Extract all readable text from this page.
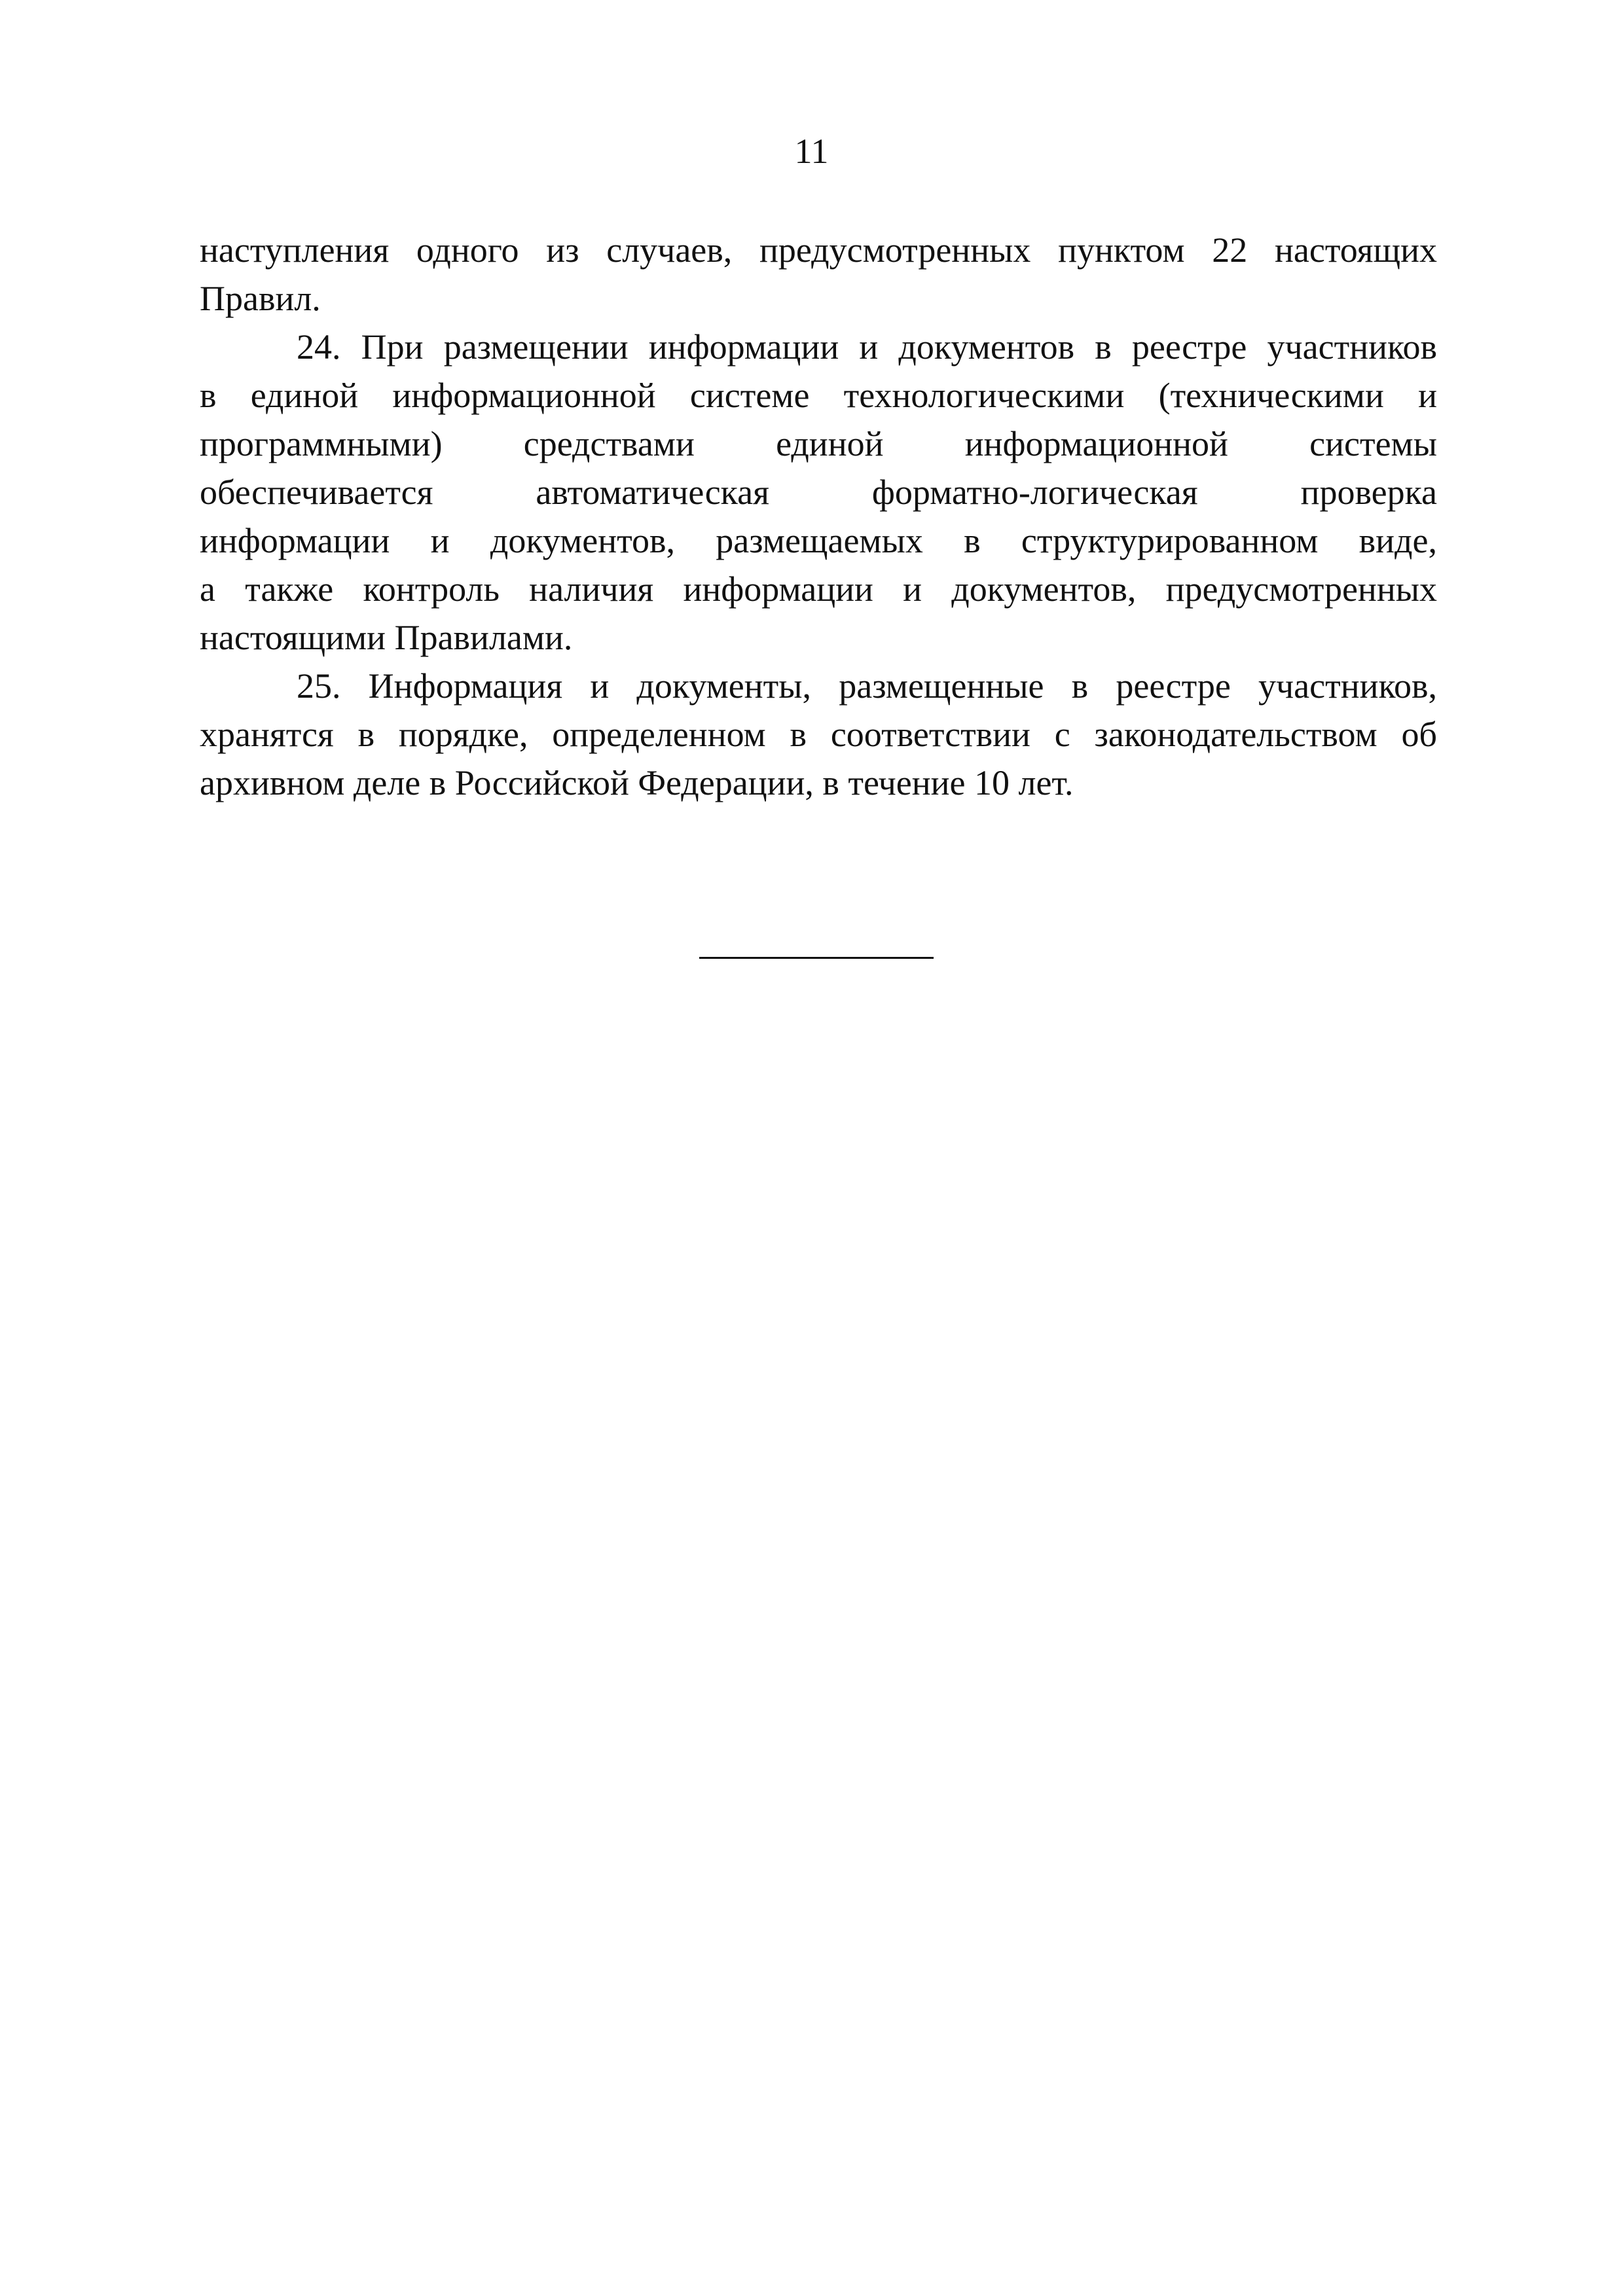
11
наступления одного из случаев, предусмотренных пунктом 22 настоящих
Правил.
24. При размещении информации и документов в реестре участников
в единой информационной системе технологическими (техническими и
программными) средствами единой информационной системы
обеспечивается автоматическая форматно-логическая проверка
информации и документов, размещаемых в структурированном виде,
а также контроль наличия информации и документов, предусмотренных
настоящими Правилами.
25. Информация и документы, размещенные в реестре участников,
хранятся в порядке, определенном в соответствии с законодательством об
архивном деле в Российской Федерации, в течение 10 лет.
